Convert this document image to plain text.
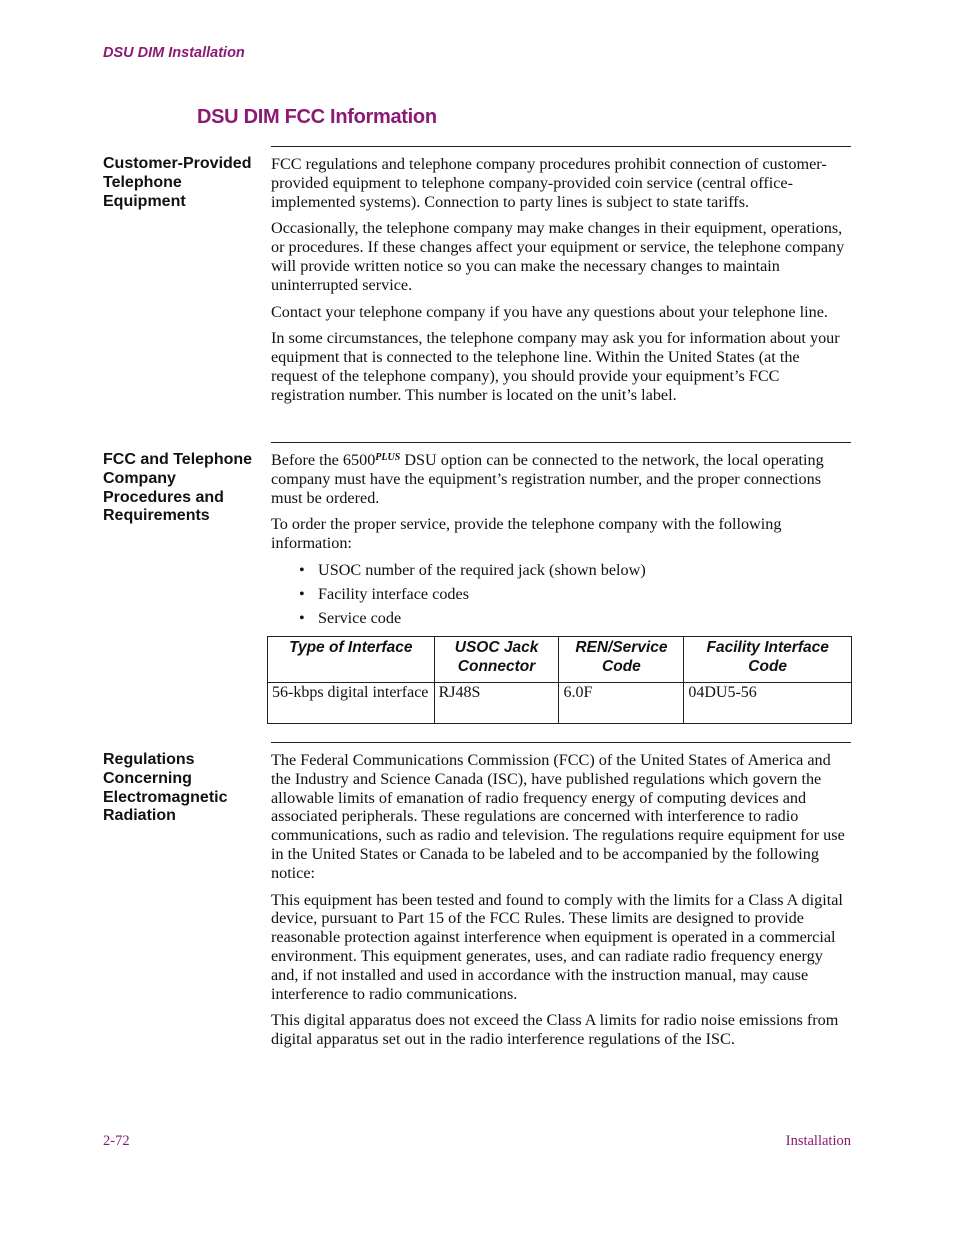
DSU DIM Installation
DSU DIM FCC Information
Customer-Provided Telephone Equipment

FCC regulations and telephone company procedures prohibit connection of customer-provided equipment to telephone company-provided coin service (central office-implemented systems). Connection to party lines is subject to state tariffs.

Occasionally, the telephone company may make changes in their equipment, operations, or procedures. If these changes affect your equipment or service, the telephone company will provide written notice so you can make the necessary changes to maintain uninterrupted service.

Contact your telephone company if you have any questions about your telephone line.

In some circumstances, the telephone company may ask you for information about your equipment that is connected to the telephone line. Within the United States (at the request of the telephone company), you should provide your equipment’s FCC registration number. This number is located on the unit’s label.

FCC and Telephone Company Procedures and Requirements

Before the $6500^{PLUS}$ DSU option can be connected to the network, the local operating company must have the equipment’s registration number, and the proper connections must be ordered.

To order the proper service, provide the telephone company with the following information:

• USOC number of the required jack (shown below)
• Facility interface codes
• Service code
Type of Interface	USOC Jack Connector	REN/Service Code	Facility Interface Code
56-kbps digital interface	RJ48S	6.0F	04DU5-56
Regulations Concerning Electromagnetic Radiation

The Federal Communications Commission (FCC) of the United States of America and the Industry and Science Canada (ISC), have published regulations which govern the allowable limits of emanation of radio frequency energy of computing devices and associated peripherals. These regulations are concerned with interference to radio communications, such as radio and television. The regulations require equipment for use in the United States or Canada to be labeled and to be accompanied by the following notice:

This equipment has been tested and found to comply with the limits for a Class A digital device, pursuant to Part 15 of the FCC Rules. These limits are designed to provide reasonable protection against interference when equipment is operated in a commercial environment. This equipment generates, uses, and can radiate radio frequency energy and, if not installed and used in accordance with the instruction manual, may cause interference to radio communications.

This digital apparatus does not exceed the Class A limits for radio noise emissions from digital apparatus set out in the radio interference regulations of the ISC.

2-72	Installation
